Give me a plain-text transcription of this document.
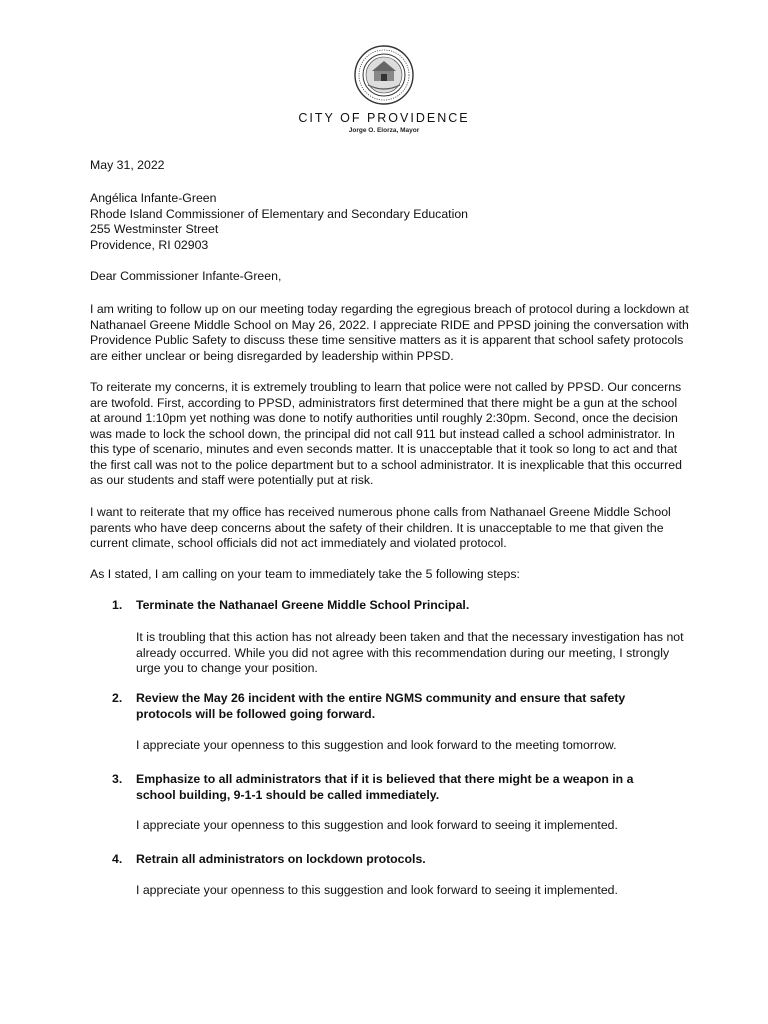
CITY OF PROVIDENCE
Jorge O. Elorza, Mayor

May 31, 2022

Angélica Infante-Green
Rhode Island Commissioner of Elementary and Secondary Education
255 Westminster Street
Providence, RI 02903

Dear Commissioner Infante-Green,

I am writing to follow up on our meeting today regarding the egregious breach of protocol during a lockdown at Nathanael Greene Middle School on May 26, 2022. I appreciate RIDE and PPSD joining the conversation with Providence Public Safety to discuss these time sensitive matters as it is apparent that school safety protocols are either unclear or being disregarded by leadership within PPSD.

To reiterate my concerns, it is extremely troubling to learn that police were not called by PPSD. Our concerns are twofold. First, according to PPSD, administrators first determined that there might be a gun at the school at around 1:10pm yet nothing was done to notify authorities until roughly 2:30pm. Second, once the decision was made to lock the school down, the principal did not call 911 but instead called a school administrator. In this type of scenario, minutes and even seconds matter. It is unacceptable that it took so long to act and that the first call was not to the police department but to a school administrator. It is inexplicable that this occurred as our students and staff were potentially put at risk.

I want to reiterate that my office has received numerous phone calls from Nathanael Greene Middle School parents who have deep concerns about the safety of their children. It is unacceptable to me that given the current climate, school officials did not act immediately and violated protocol.

As I stated, I am calling on your team to immediately take the 5 following steps:

1. Terminate the Nathanael Greene Middle School Principal.

It is troubling that this action has not already been taken and that the necessary investigation has not already occurred. While you did not agree with this recommendation during our meeting, I strongly urge you to change your position.

2. Review the May 26 incident with the entire NGMS community and ensure that safety protocols will be followed going forward.

I appreciate your openness to this suggestion and look forward to the meeting tomorrow.

3. Emphasize to all administrators that if it is believed that there might be a weapon in a school building, 9-1-1 should be called immediately.

I appreciate your openness to this suggestion and look forward to seeing it implemented.

4. Retrain all administrators on lockdown protocols.

I appreciate your openness to this suggestion and look forward to seeing it implemented.
